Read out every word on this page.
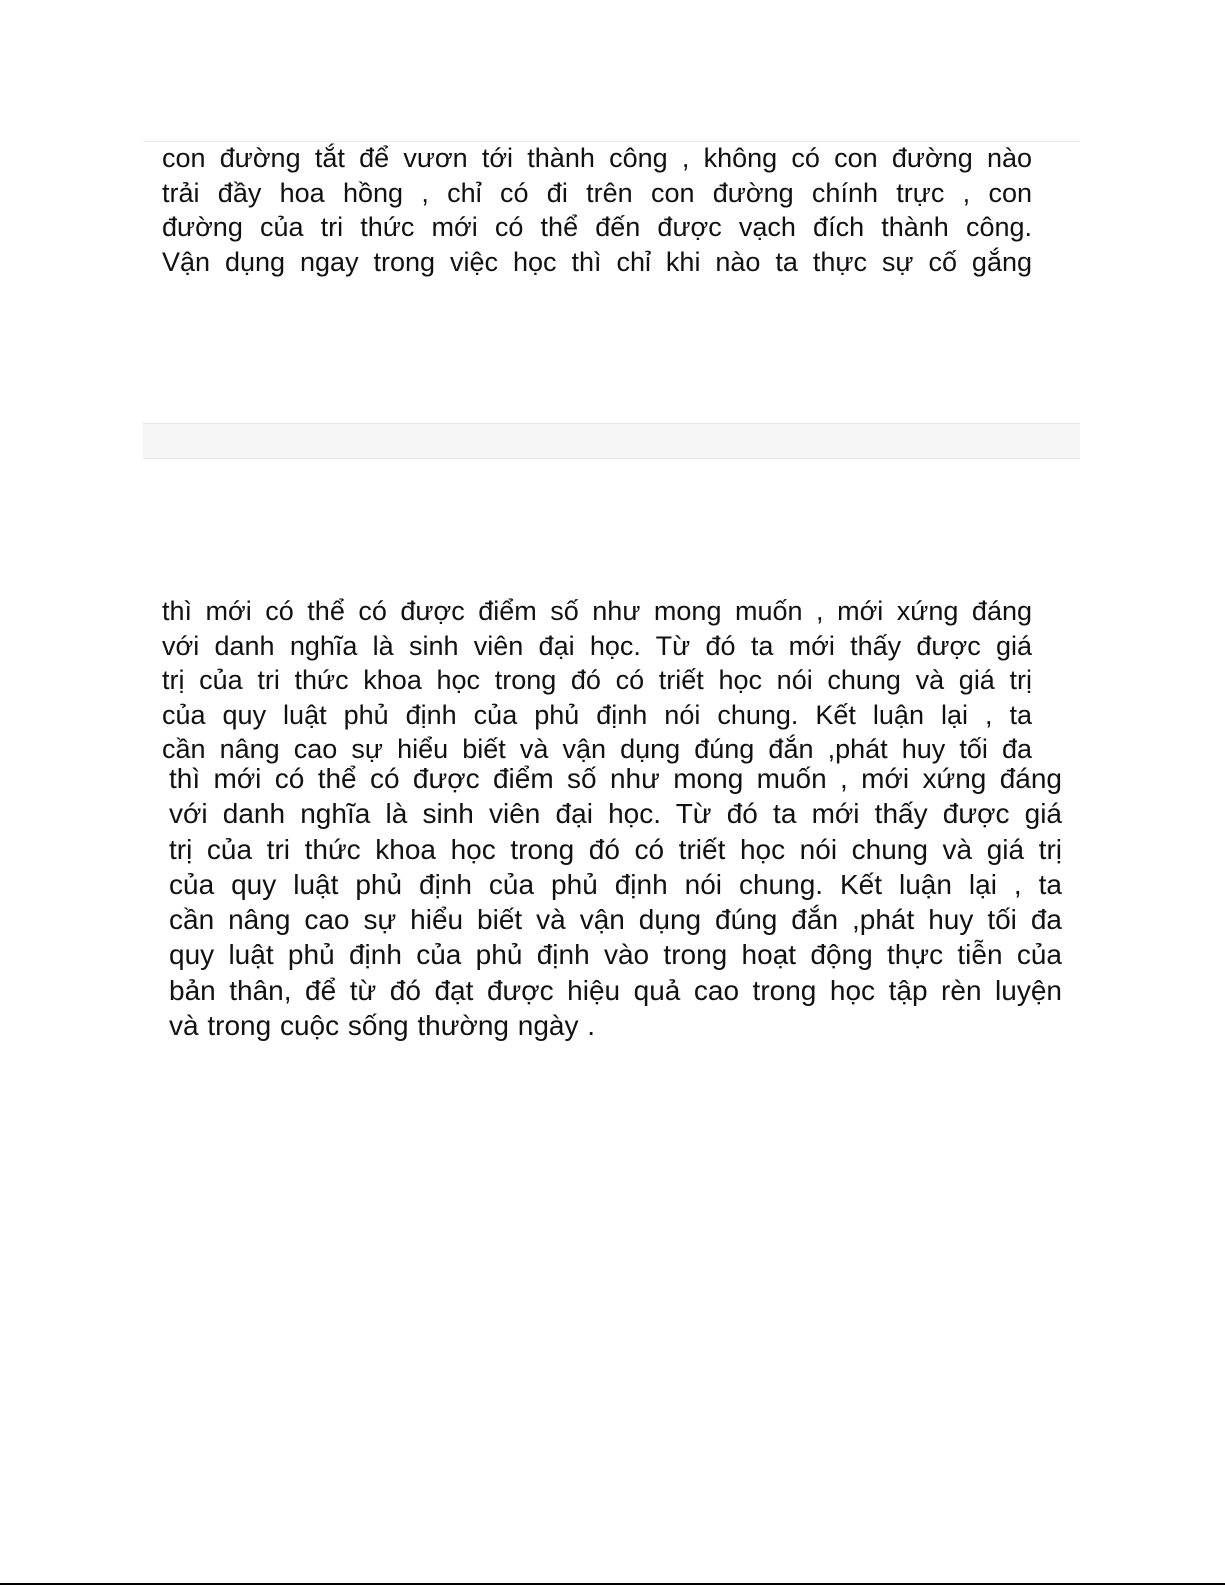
con đường tắt để vươn tới thành công , không có con đường nào
trải đầy hoa hồng , chỉ có đi trên con đường chính trực , con
đường của tri thức mới có thể đến được vạch đích thành công.
Vận dụng ngay trong việc học thì chỉ khi nào ta thực sự cố gắng
thì mới có thể có được điểm số như mong muốn , mới xứng đáng
với danh nghĩa là sinh viên đại học. Từ đó ta mới thấy được giá
trị của tri thức khoa học trong đó có triết học nói chung và giá trị
của quy luật phủ định của phủ định nói chung. Kết luận lại , ta
cần nâng cao sự hiểu biết và vận dụng đúng đắn ,phát huy tối đa
thì mới có thể có được điểm số như mong muốn , mới xứng đáng
với danh nghĩa là sinh viên đại học. Từ đó ta mới thấy được giá
trị của tri thức khoa học trong đó có triết học nói chung và giá trị
của quy luật phủ định của phủ định nói chung. Kết luận lại , ta
cần nâng cao sự hiểu biết và vận dụng đúng đắn ,phát huy tối đa
quy luật phủ định của phủ định vào trong hoạt động thực tiễn của
bản thân, để từ đó đạt được hiệu quả cao trong học tập rèn luyện
và trong cuộc sống thường ngày .
